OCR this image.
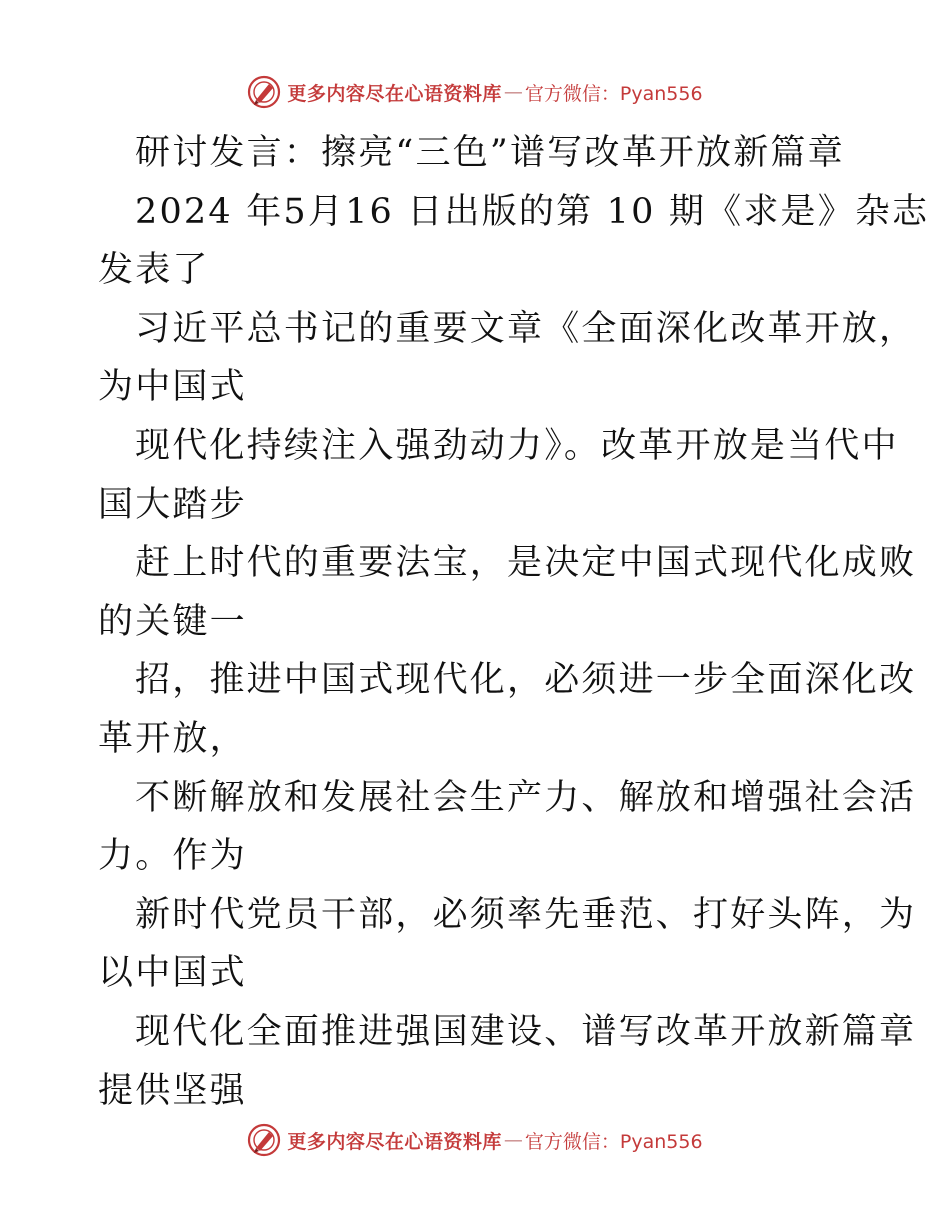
更多内容尽在心语资料库 — 官方微信：Pyan556
研讨发言：擦亮“三色”谱写改革开放新篇章
2024 年5月16 日出版的第 10 期《求是》杂志
发表了
习近平总书记的重要文章《全面深化改革开放，
为中国式
现代化持续注入强劲动力》。改革开放是当代中
国大踏步
赶上时代的重要法宝，是决定中国式现代化成败
的关键一
招，推进中国式现代化，必须进一步全面深化改
革开放，
不断解放和发展社会生产力、解放和增强社会活
力。作为
新时代党员干部，必须率先垂范、打好头阵，为
以中国式
现代化全面推进强国建设、谱写改革开放新篇章
提供坚强
更多内容尽在心语资料库 — 官方微信：Pyan556
